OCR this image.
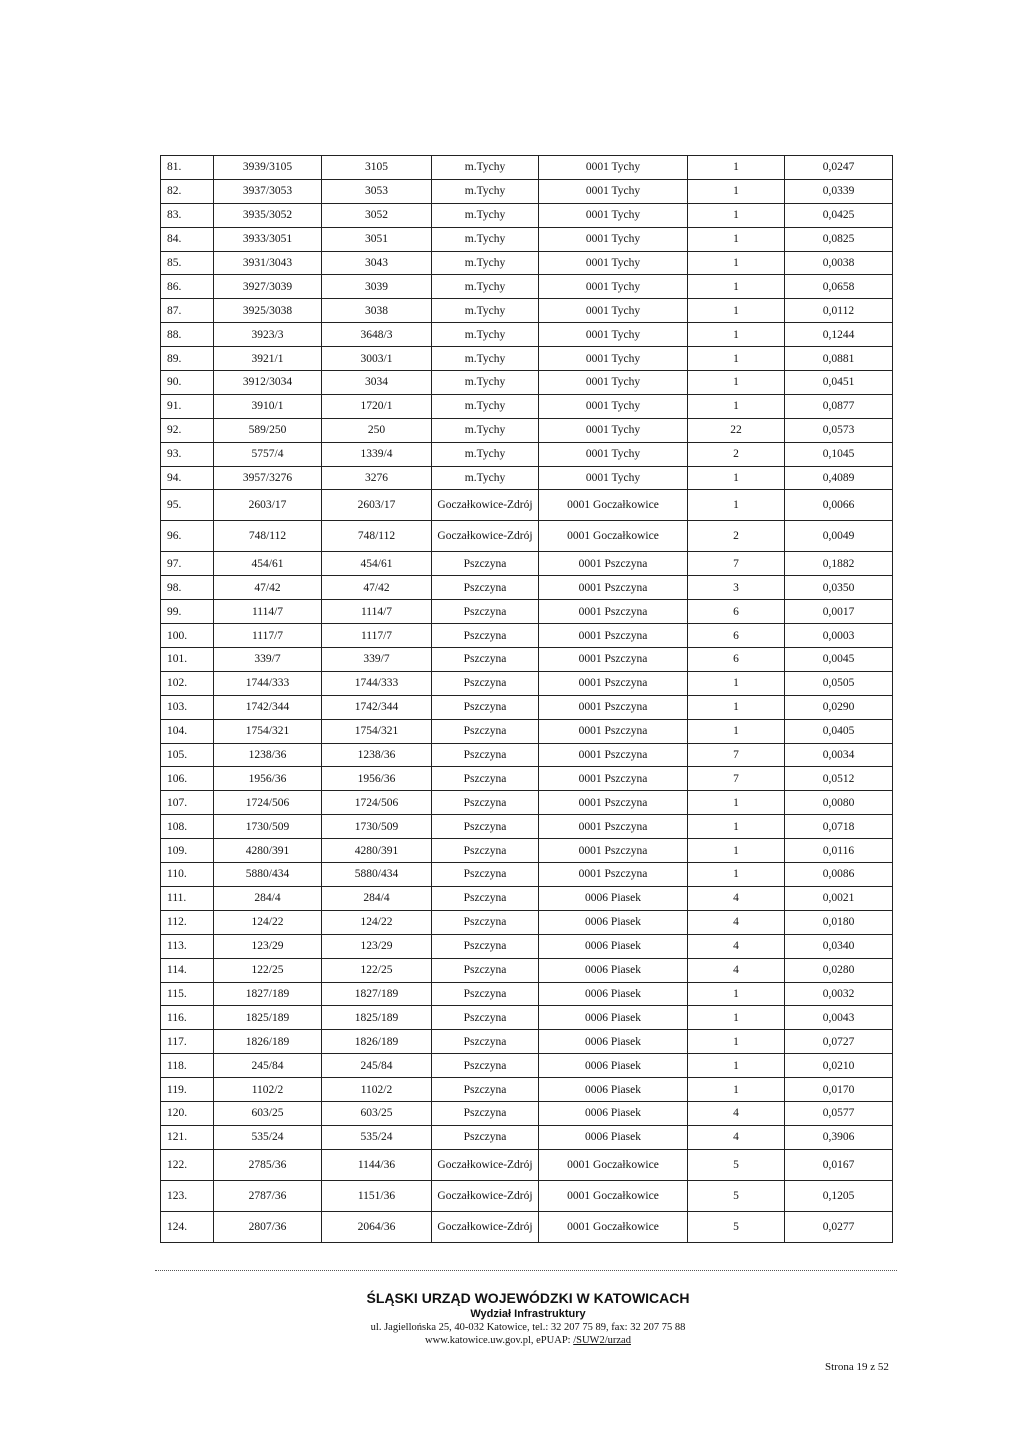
81.	3939/3105	3105	m.Tychy	0001 Tychy	1	0,0247
82.	3937/3053	3053	m.Tychy	0001 Tychy	1	0,0339
83.	3935/3052	3052	m.Tychy	0001 Tychy	1	0,0425
84.	3933/3051	3051	m.Tychy	0001 Tychy	1	0,0825
85.	3931/3043	3043	m.Tychy	0001 Tychy	1	0,0038
86.	3927/3039	3039	m.Tychy	0001 Tychy	1	0,0658
87.	3925/3038	3038	m.Tychy	0001 Tychy	1	0,0112
88.	3923/3	3648/3	m.Tychy	0001 Tychy	1	0,1244
89.	3921/1	3003/1	m.Tychy	0001 Tychy	1	0,0881
90.	3912/3034	3034	m.Tychy	0001 Tychy	1	0,0451
91.	3910/1	1720/1	m.Tychy	0001 Tychy	1	0,0877
92.	589/250	250	m.Tychy	0001 Tychy	22	0,0573
93.	5757/4	1339/4	m.Tychy	0001 Tychy	2	0,1045
94.	3957/3276	3276	m.Tychy	0001 Tychy	1	0,4089
95.	2603/17	2603/17	Goczałkowice-Zdrój	0001 Goczałkowice	1	0,0066
96.	748/112	748/112	Goczałkowice-Zdrój	0001 Goczałkowice	2	0,0049
97.	454/61	454/61	Pszczyna	0001 Pszczyna	7	0,1882
98.	47/42	47/42	Pszczyna	0001 Pszczyna	3	0,0350
99.	1114/7	1114/7	Pszczyna	0001 Pszczyna	6	0,0017
100.	1117/7	1117/7	Pszczyna	0001 Pszczyna	6	0,0003
101.	339/7	339/7	Pszczyna	0001 Pszczyna	6	0,0045
102.	1744/333	1744/333	Pszczyna	0001 Pszczyna	1	0,0505
103.	1742/344	1742/344	Pszczyna	0001 Pszczyna	1	0,0290
104.	1754/321	1754/321	Pszczyna	0001 Pszczyna	1	0,0405
105.	1238/36	1238/36	Pszczyna	0001 Pszczyna	7	0,0034
106.	1956/36	1956/36	Pszczyna	0001 Pszczyna	7	0,0512
107.	1724/506	1724/506	Pszczyna	0001 Pszczyna	1	0,0080
108.	1730/509	1730/509	Pszczyna	0001 Pszczyna	1	0,0718
109.	4280/391	4280/391	Pszczyna	0001 Pszczyna	1	0,0116
110.	5880/434	5880/434	Pszczyna	0001 Pszczyna	1	0,0086
111.	284/4	284/4	Pszczyna	0006 Piasek	4	0,0021
112.	124/22	124/22	Pszczyna	0006 Piasek	4	0,0180
113.	123/29	123/29	Pszczyna	0006 Piasek	4	0,0340
114.	122/25	122/25	Pszczyna	0006 Piasek	4	0,0280
115.	1827/189	1827/189	Pszczyna	0006 Piasek	1	0,0032
116.	1825/189	1825/189	Pszczyna	0006 Piasek	1	0,0043
117.	1826/189	1826/189	Pszczyna	0006 Piasek	1	0,0727
118.	245/84	245/84	Pszczyna	0006 Piasek	1	0,0210
119.	1102/2	1102/2	Pszczyna	0006 Piasek	1	0,0170
120.	603/25	603/25	Pszczyna	0006 Piasek	4	0,0577
121.	535/24	535/24	Pszczyna	0006 Piasek	4	0,3906
122.	2785/36	1144/36	Goczałkowice-Zdrój	0001 Goczałkowice	5	0,0167
123.	2787/36	1151/36	Goczałkowice-Zdrój	0001 Goczałkowice	5	0,1205
124.	2807/36	2064/36	Goczałkowice-Zdrój	0001 Goczałkowice	5	0,0277

ŚLĄSKI URZĄD WOJEWÓDZKI W KATOWICACH

Wydział Infrastruktury

ul. Jagiellońska 25, 40-032 Katowice, tel.: 32 207 75 89, fax: 32 207 75 88

www.katowice.uw.gov.pl, ePUAP: /SUW2/urzad

Strona 19 z 52
